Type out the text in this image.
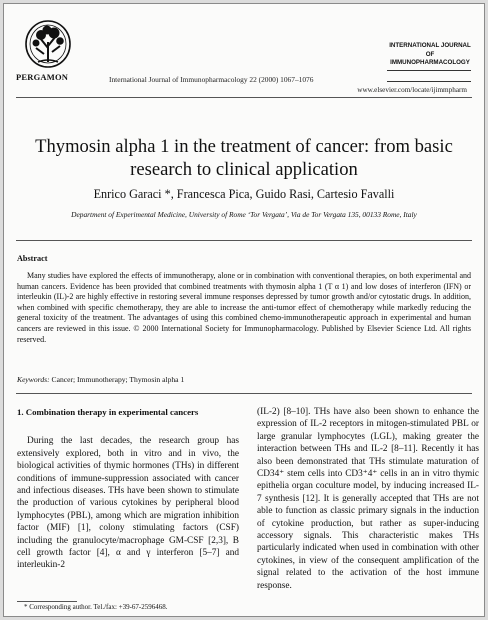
PERGAMON	International Journal of Immunopharmacology 22 (2000) 1067–1076
INTERNATIONAL JOURNAL
OF
IMMUNOPHARMACOLOGY
www.elsevier.com/locate/ijimmpharm
Thymosin alpha 1 in the treatment of cancer: from basic research to clinical application
Enrico Garaci *, Francesca Pica, Guido Rasi, Cartesio Favalli
Department of Experimental Medicine, University of Rome ‘Tor Vergata’, Via de Tor Vergata 135, 00133 Rome, Italy
Abstract

Many studies have explored the effects of immunotherapy, alone or in combination with conventional therapies, on both experimental and human cancers. Evidence has been provided that combined treatments with thymosin alpha 1 (T α 1) and low doses of interferon (IFN) or interleukin (IL)-2 are highly effective in restoring several immune responses depressed by tumor growth and/or cytostatic drugs. In addition, when combined with specific chemotherapy, they are able to increase the anti-tumor effect of chemotherapy while markedly reducing the general toxicity of the treatment. The advantages of using this combined chemo-immunotherapeutic approach in experimental and human cancers are reviewed in this issue. © 2000 International Society for Immunopharmacology. Published by Elsevier Science Ltd. All rights reserved.

Keywords: Cancer; Immunotherapy; Thymosin alpha 1
1. Combination therapy in experimental cancers

During the last decades, the research group has extensively explored, both in vitro and in vivo, the biological activities of thymic hormones (THs) in different conditions of immune-suppression associated with cancer and infectious diseases. THs have been shown to stimulate the production of various cytokines by peripheral blood lymphocytes (PBL), among which are migration inhibition factor (MIF) [1], colony stimulating factors (CSF) including the granulocyte/macrophage GM-CSF [2,3], B cell growth factor [4], α and γ interferon [5–7] and interleukin-2

(IL-2) [8–10]. THs have also been shown to enhance the expression of IL-2 receptors in mitogen-stimulated PBL or large granular lymphocytes (LGL), making greater the interaction between THs and IL-2 [8–11]. Recently it has also been demonstrated that THs stimulate maturation of CD34⁺ stem cells into CD3⁺4⁺ cells in an in vitro thymic epithelia organ coculture model, by inducing increased IL-7 synthesis [12]. It is generally accepted that THs are not able to function as classic primary signals in the induction of cytokine production, but rather as super-inducing accessory signals. This characteristic makes THs particularly indicated when used in combination with other cytokines, in view of the consequent amplification of the signal related to the activation of the host immune response.

* Corresponding author. Tel./fax: +39-67-2596468.
